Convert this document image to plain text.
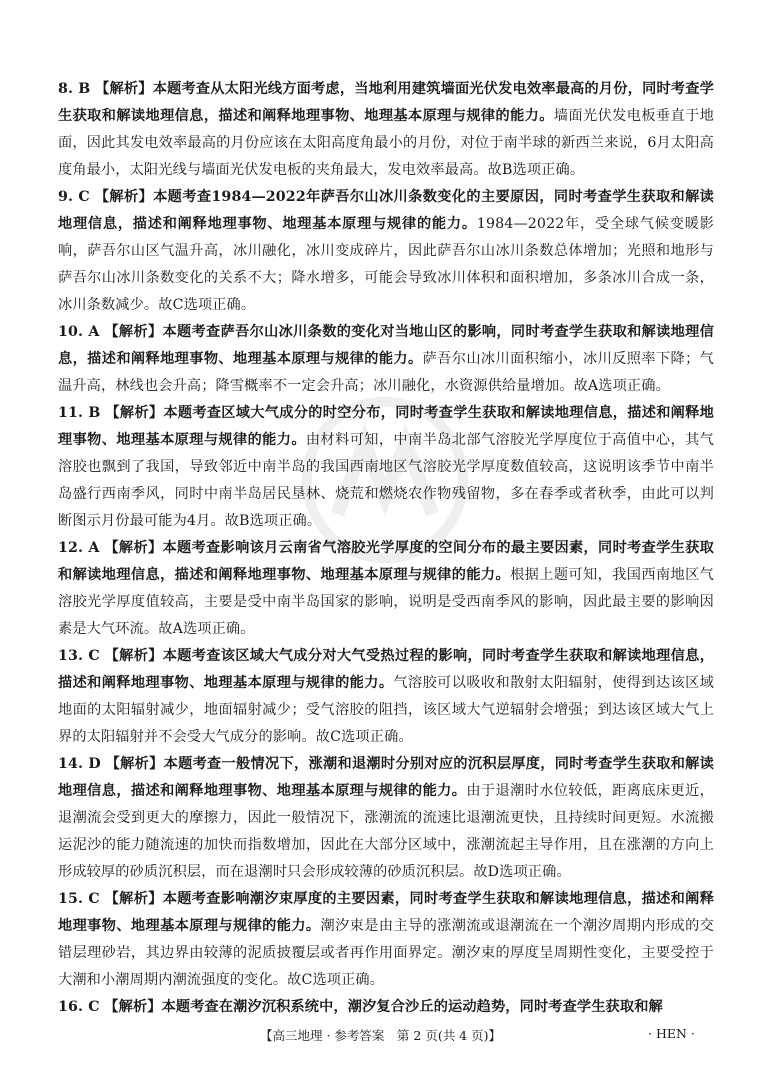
8. B 【解析】本题考查从太阳光线方面考虑，当地利用建筑墙面光伏发电效率最高的月份，同时考查学生获取和解读地理信息，描述和阐释地理事物、地理基本原理与规律的能力。墙面光伏发电板垂直于地面，因此其发电效率最高的月份应该在太阳高度角最小的月份，对位于南半球的新西兰来说，6月太阳高度角最小，太阳光线与墙面光伏发电板的夹角最大，发电效率最高。故B选项正确。
9. C 【解析】本题考查1984—2022年萨吾尔山冰川条数变化的主要原因，同时考查学生获取和解读地理信息，描述和阐释地理事物、地理基本原理与规律的能力。1984—2022年，受全球气候变暖影响，萨吾尔山区气温升高，冰川融化，冰川变成碎片，因此萨吾尔山冰川条数总体增加；光照和地形与萨吾尔山冰川条数变化的关系不大；降水增多，可能会导致冰川体积和面积增加，多条冰川合成一条，冰川条数减少。故C选项正确。
10. A 【解析】本题考查萨吾尔山冰川条数的变化对当地山区的影响，同时考查学生获取和解读地理信息，描述和阐释地理事物、地理基本原理与规律的能力。萨吾尔山冰川面积缩小，冰川反照率下降；气温升高，林线也会升高；降雪概率不一定会升高；冰川融化，水资源供给量增加。故A选项正确。
11. B 【解析】本题考查区域大气成分的时空分布，同时考查学生获取和解读地理信息，描述和阐释地理事物、地理基本原理与规律的能力。由材料可知，中南半岛北部气溶胶光学厚度位于高值中心，其气溶胶也飘到了我国，导致邻近中南半岛的我国西南地区气溶胶光学厚度数值较高，这说明该季节中南半岛盛行西南季风，同时中南半岛居民垦林、烧荒和燃烧农作物残留物，多在春季或者秋季，由此可以判断图示月份最可能为4月。故B选项正确。
12. A 【解析】本题考查影响该月云南省气溶胶光学厚度的空间分布的最主要因素，同时考查学生获取和解读地理信息，描述和阐释地理事物、地理基本原理与规律的能力。根据上题可知，我国西南地区气溶胶光学厚度值较高，主要是受中南半岛国家的影响，说明是受西南季风的影响，因此最主要的影响因素是大气环流。故A选项正确。
13. C 【解析】本题考查该区域大气成分对大气受热过程的影响，同时考查学生获取和解读地理信息，描述和阐释地理事物、地理基本原理与规律的能力。气溶胶可以吸收和散射太阳辐射，使得到达该区域地面的太阳辐射减少，地面辐射减少；受气溶胶的阻挡，该区域大气逆辐射会增强；到达该区域大气上界的太阳辐射并不会受大气成分的影响。故C选项正确。
14. D 【解析】本题考查一般情况下，涨潮和退潮时分别对应的沉积层厚度，同时考查学生获取和解读地理信息，描述和阐释地理事物、地理基本原理与规律的能力。由于退潮时水位较低，距离底床更近，退潮流会受到更大的摩擦力，因此一般情况下，涨潮流的流速比退潮流更快，且持续时间更短。水流搬运泥沙的能力随流速的加快而指数增加，因此在大部分区域中，涨潮流起主导作用，且在涨潮的方向上形成较厚的砂质沉积层，而在退潮时只会形成较薄的砂质沉积层。故D选项正确。
15. C 【解析】本题考查影响潮汐束厚度的主要因素，同时考查学生获取和解读地理信息，描述和阐释地理事物、地理基本原理与规律的能力。潮汐束是由主导的涨潮流或退潮流在一个潮汐周期内形成的交错层理砂岩，其边界由较薄的泥质披覆层或者再作用面界定。潮汐束的厚度呈周期性变化，主要受控于大潮和小潮周期内潮流强度的变化。故C选项正确。
16. C 【解析】本题考查在潮汐沉积系统中，潮汐复合沙丘的运动趋势，同时考查学生获取和解
【高三地理 · 参考答案　第 2 页(共 4 页)】	· HEN ·
